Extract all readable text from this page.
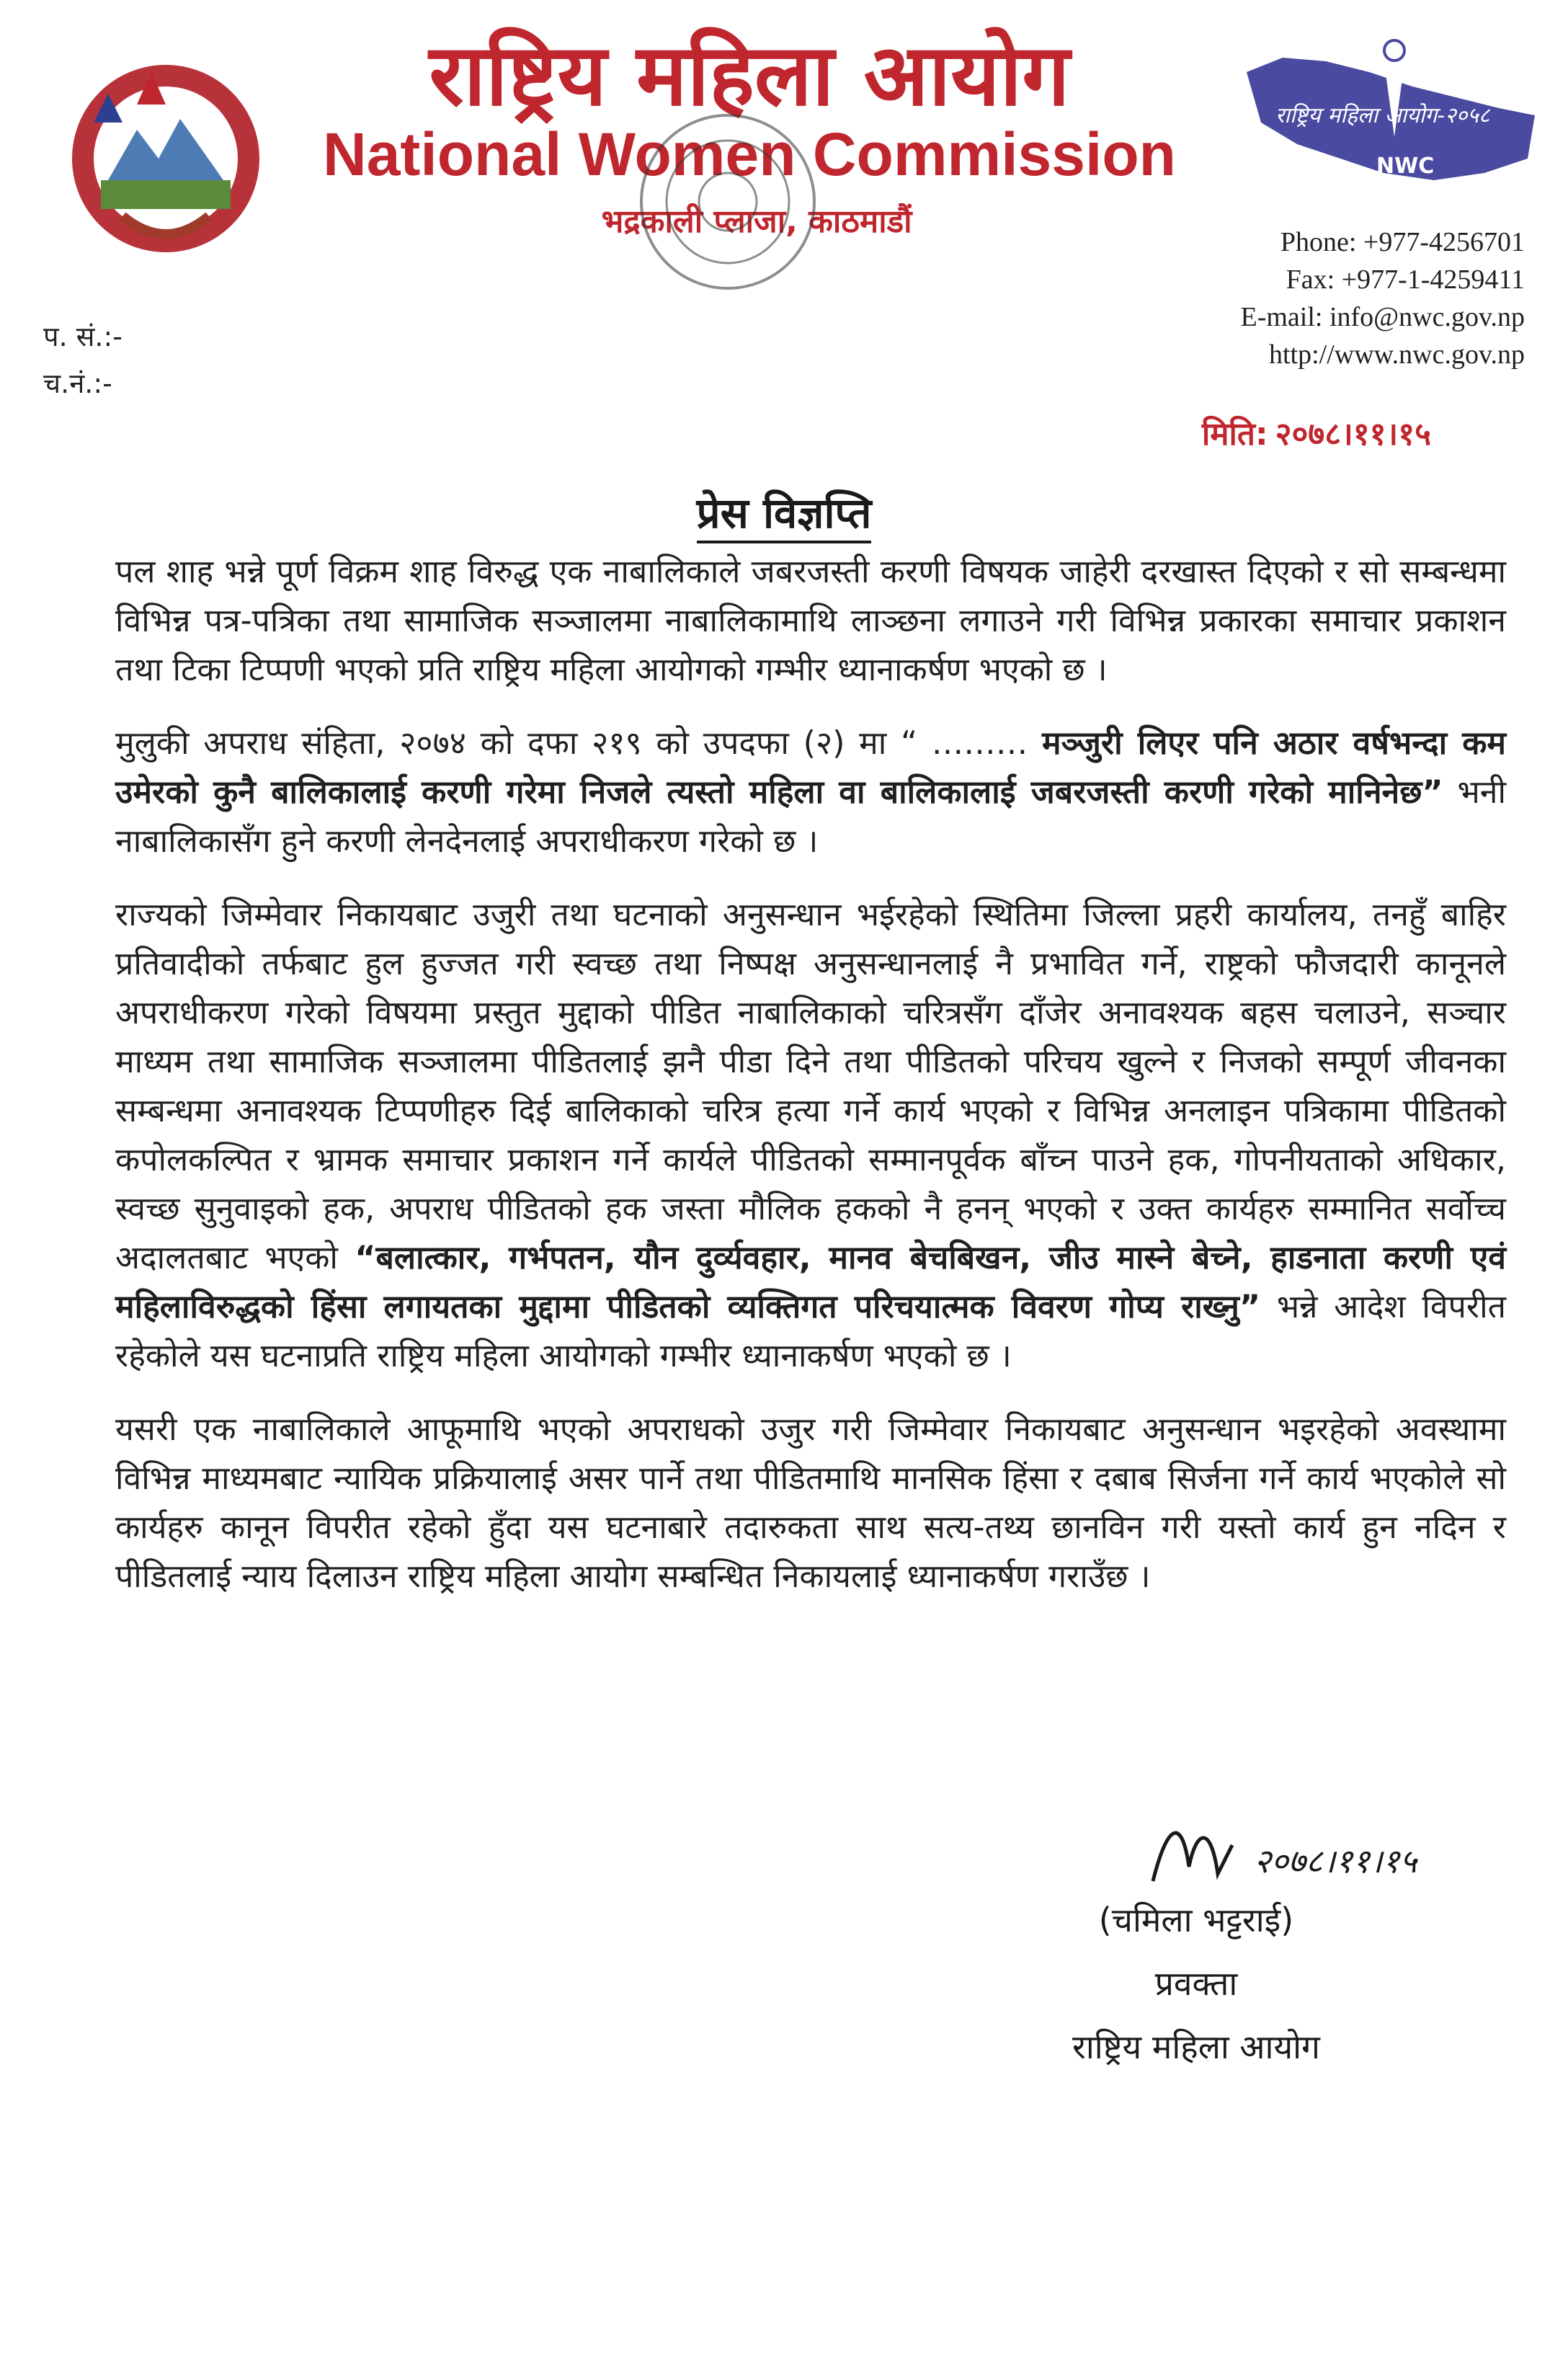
राष्ट्रिय महिला आयोग
National Women Commission
भद्रकाली प्लाजा, काठमाडौं
राष्ट्रिय महिला आयोग-२०५८
NWC
Phone: +977-4256701
Fax: +977-1-4259411
E-mail: info@nwc.gov.np
http://www.nwc.gov.np
प. सं.:-
च.नं.:-
मिति: २०७८।११।१५
प्रेस विज्ञप्ति

पल शाह भन्ने पूर्ण विक्रम शाह विरुद्ध एक नाबालिकाले जबरजस्ती करणी विषयक जाहेरी दरखास्त दिएको र सो सम्बन्धमा विभिन्न पत्र-पत्रिका तथा सामाजिक सञ्जालमा नाबालिकामाथि लाञ्छना लगाउने गरी विभिन्न प्रकारका समाचार प्रकाशन तथा टिका टिप्पणी भएको प्रति राष्ट्रिय महिला आयोगको गम्भीर ध्यानाकर्षण भएको छ ।

मुलुकी अपराध संहिता, २०७४ को दफा २१९ को उपदफा (२) मा “ ……… मञ्जुरी लिएर पनि अठार वर्षभन्दा कम उमेरको कुनै बालिकालाई करणी गरेमा निजले त्यस्तो महिला वा बालिकालाई जबरजस्ती करणी गरेको मानिनेछ” भनी नाबालिकासँग हुने करणी लेनदेनलाई अपराधीकरण गरेको छ ।

राज्यको जिम्मेवार निकायबाट उजुरी तथा घटनाको अनुसन्धान भईरहेको स्थितिमा जिल्ला प्रहरी कार्यालय, तनहुँ बाहिर प्रतिवादीको तर्फबाट हुल हुज्जत गरी स्वच्छ तथा निष्पक्ष अनुसन्धानलाई नै प्रभावित गर्ने, राष्ट्रको फौजदारी कानूनले अपराधीकरण गरेको विषयमा प्रस्तुत मुद्दाको पीडित नाबालिकाको चरित्रसँग दाँजेर अनावश्यक बहस चलाउने, सञ्चार माध्यम तथा सामाजिक सञ्जालमा पीडितलाई झनै पीडा दिने तथा पीडितको परिचय खुल्ने र निजको सम्पूर्ण जीवनका सम्बन्धमा अनावश्यक टिप्पणीहरु दिई बालिकाको चरित्र हत्या गर्ने कार्य भएको र विभिन्न अनलाइन पत्रिकामा पीडितको कपोलकल्पित र भ्रामक समाचार प्रकाशन गर्ने कार्यले पीडितको सम्मानपूर्वक बाँच्न पाउने हक, गोपनीयताको अधिकार, स्वच्छ सुनुवाइको हक, अपराध पीडितको हक जस्ता मौलिक हकको नै हनन् भएको र उक्त कार्यहरु सम्मानित सर्वोच्च अदालतबाट भएको “बलात्कार, गर्भपतन, यौन दुर्व्यवहार, मानव बेचबिखन, जीउ मास्ने बेच्ने, हाडनाता करणी एवं महिलाविरुद्धको हिंसा लगायतका मुद्दामा पीडितको व्यक्तिगत परिचयात्मक विवरण गोप्य राख्नु” भन्ने आदेश विपरीत रहेकोले यस घटनाप्रति राष्ट्रिय महिला आयोगको गम्भीर ध्यानाकर्षण भएको छ ।

यसरी एक नाबालिकाले आफूमाथि भएको अपराधको उजुर गरी जिम्मेवार निकायबाट अनुसन्धान भइरहेको अवस्थामा विभिन्न माध्यमबाट न्यायिक प्रक्रियालाई असर पार्ने तथा पीडितमाथि मानसिक हिंसा र दबाब सिर्जना गर्ने कार्य भएकोले सो कार्यहरु कानून विपरीत रहेको हुँदा यस घटनाबारे तदारुकता साथ सत्य-तथ्य छानविन गरी यस्तो कार्य हुन नदिन र पीडितलाई न्याय दिलाउन राष्ट्रिय महिला आयोग सम्बन्धित निकायलाई ध्यानाकर्षण गराउँछ ।

२०७८।११।१५
(चमिला भट्टराई)
प्रवक्ता
राष्ट्रिय महिला आयोग
